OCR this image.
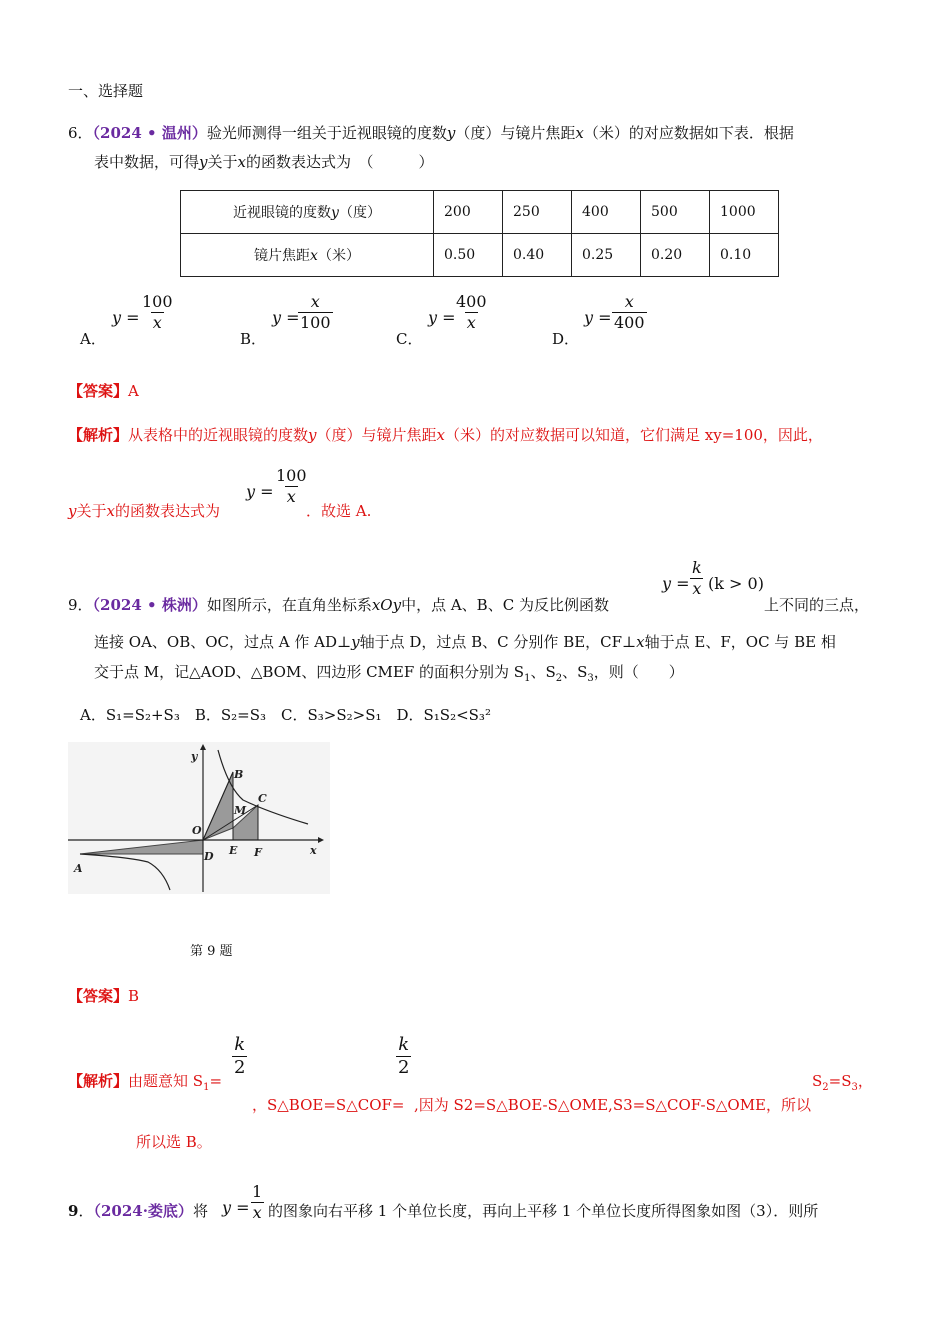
一、选择题
6．（2024 • 温州）验光师测得一组关于近视眼镜的度数y（度）与镜片焦距x（米）的对应数据如下表．根据
表中数据，可得y关于x的函数表达式为　（　　　）
近视眼镜的度数y（度）	200	250	400	500	1000
镜片焦距x（米）	0.50	0.40	0.25	0.20	0.10
A．
$y = \frac{100}{x}$
B．
y =
$\frac{x}{100}$
C．
y =
$\frac{400}{x}$
D．
$y = \frac{x}{400}$
【答案】A
【解析】从表格中的近视眼镜的度数y（度）与镜片焦距x（米）的对应数据可以知道，它们满足 xy=100，因此，
y关于x的函数表达式为
$y = \frac{100}{x}$
．故选 A.
9．（2024 • 株洲）如图所示，在直角坐标系xOy中，点 A、B、C 为反比例函数
$y = \frac{k}{x} (k > 0)$
上不同的三点，
连接 OA、OB、OC，过点 A 作 AD⊥y轴于点 D，过点 B、C 分别作 BE，CF⊥x轴于点 E、F，OC 与 BE 相
交于点 M，记△AOD、△BOM、四边形 CMEF 的面积分别为 $S_1$、$S_2$、$S_3$，则（　　）
A．S₁=S₂+S₃　B．S₂=S₃　C．S₃>S₂>S₁　D．S₁S₂<S₃²
y
x
O
A
B
C
M
D E F
第 9 题
【答案】B
【解析】由题意知 $S_1=$
$\frac{k}{2}$	$\frac{k}{2}$
$S_2=S_3$，
，S△BOE=S△COF= ,因为 S2=S△BOE-S△OME,S3=S△COF-S△OME，所以
所以选 B。
9．（2024·娄底）将 $y = \frac{1}{x}$ 的图象向右平移 1 个单位长度，再向上平移 1 个单位长度所得图象如图（3）．则所
